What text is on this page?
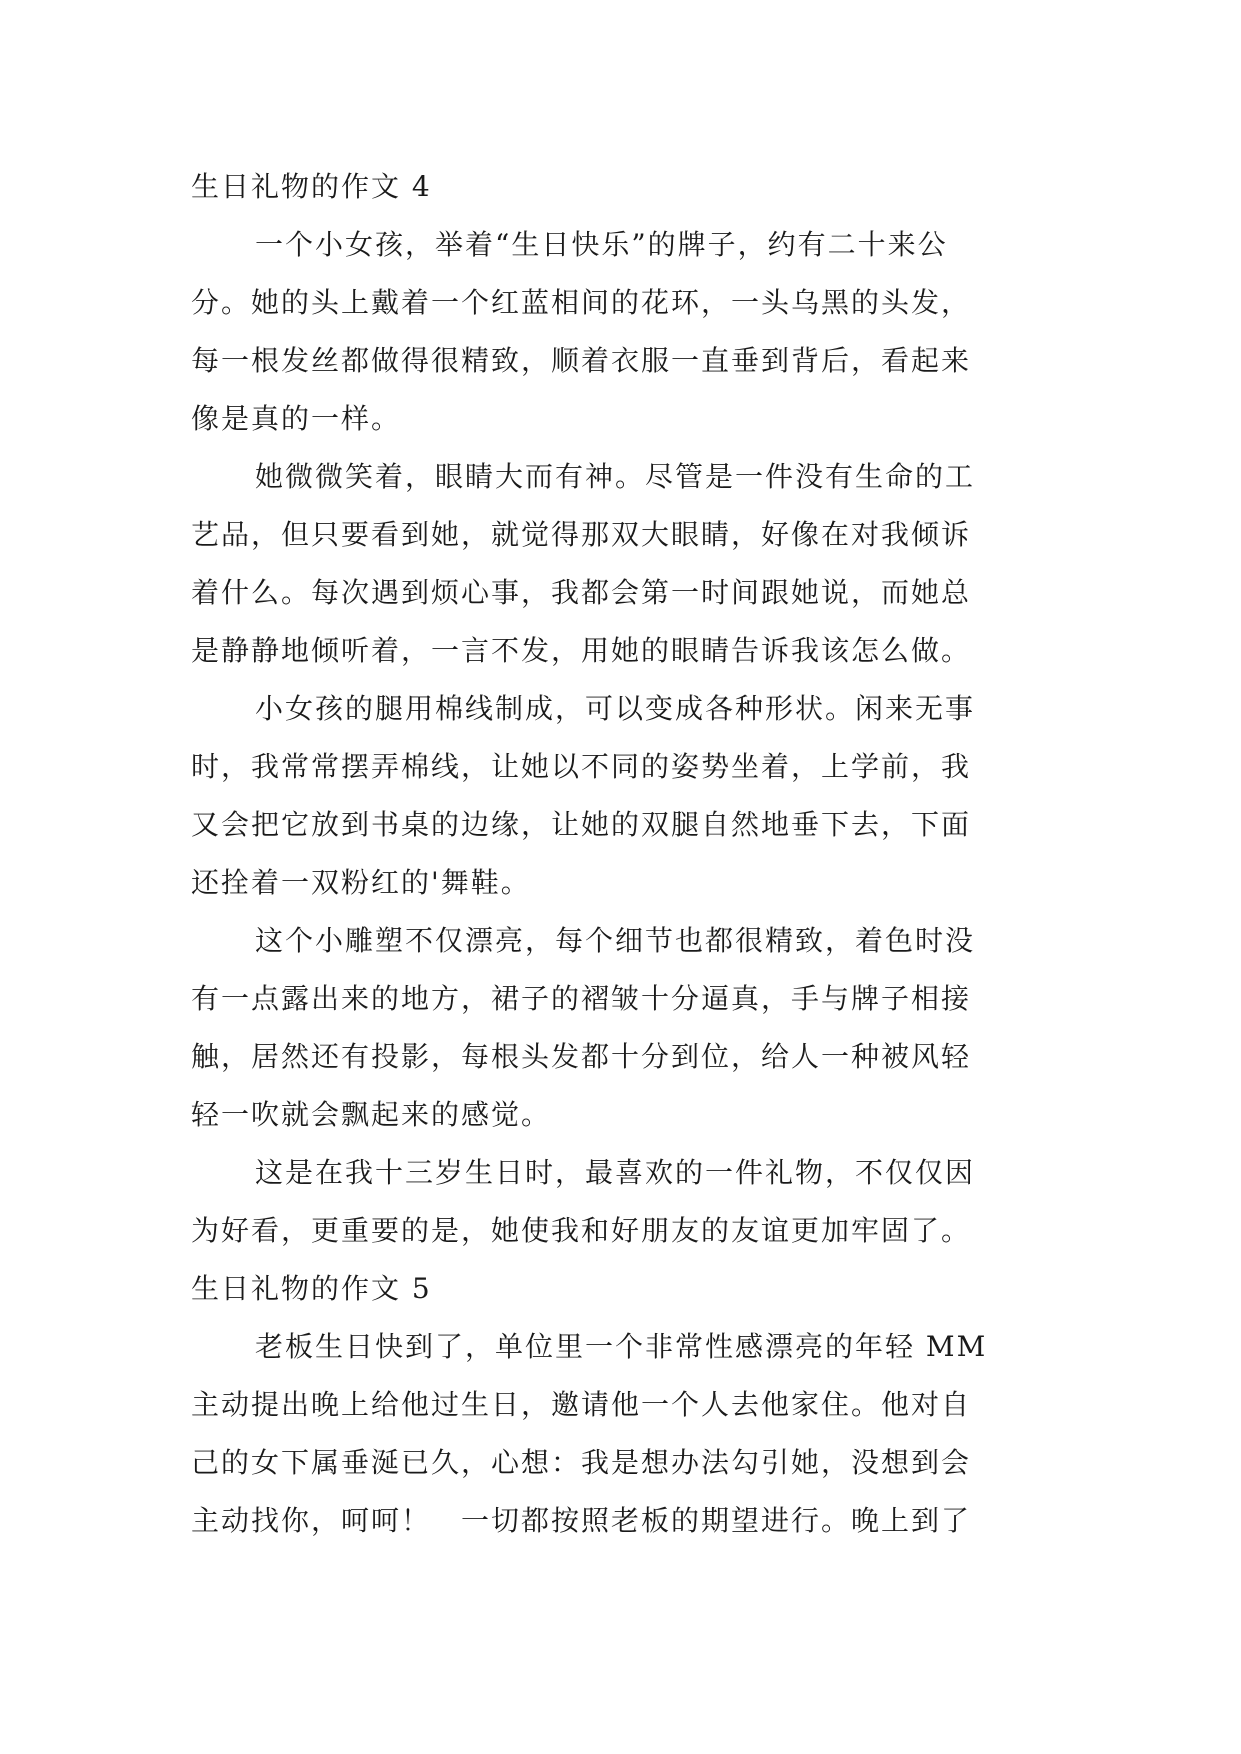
生日礼物的作文 4
一个小女孩，举着“生日快乐”的牌子，约有二十来公
分。她的头上戴着一个红蓝相间的花环，一头乌黑的头发，
每一根发丝都做得很精致，顺着衣服一直垂到背后，看起来
像是真的一样。
她微微笑着，眼睛大而有神。尽管是一件没有生命的工
艺品，但只要看到她，就觉得那双大眼睛，好像在对我倾诉
着什么。每次遇到烦心事，我都会第一时间跟她说，而她总
是静静地倾听着，一言不发，用她的眼睛告诉我该怎么做。
小女孩的腿用棉线制成，可以变成各种形状。闲来无事
时，我常常摆弄棉线，让她以不同的姿势坐着，上学前，我
又会把它放到书桌的边缘，让她的双腿自然地垂下去，下面
还拴着一双粉红的'舞鞋。
这个小雕塑不仅漂亮，每个细节也都很精致，着色时没
有一点露出来的地方，裙子的褶皱十分逼真，手与牌子相接
触，居然还有投影，每根头发都十分到位，给人一种被风轻
轻一吹就会飘起来的感觉。
这是在我十三岁生日时，最喜欢的一件礼物，不仅仅因
为好看，更重要的是，她使我和好朋友的友谊更加牢固了。
生日礼物的作文 5
老板生日快到了，单位里一个非常性感漂亮的年轻 MM
主动提出晚上给他过生日，邀请他一个人去他家住。他对自
己的女下属垂涎已久，心想：我是想办法勾引她，没想到会
主动找你，呵呵！　一切都按照老板的期望进行。晚上到了
